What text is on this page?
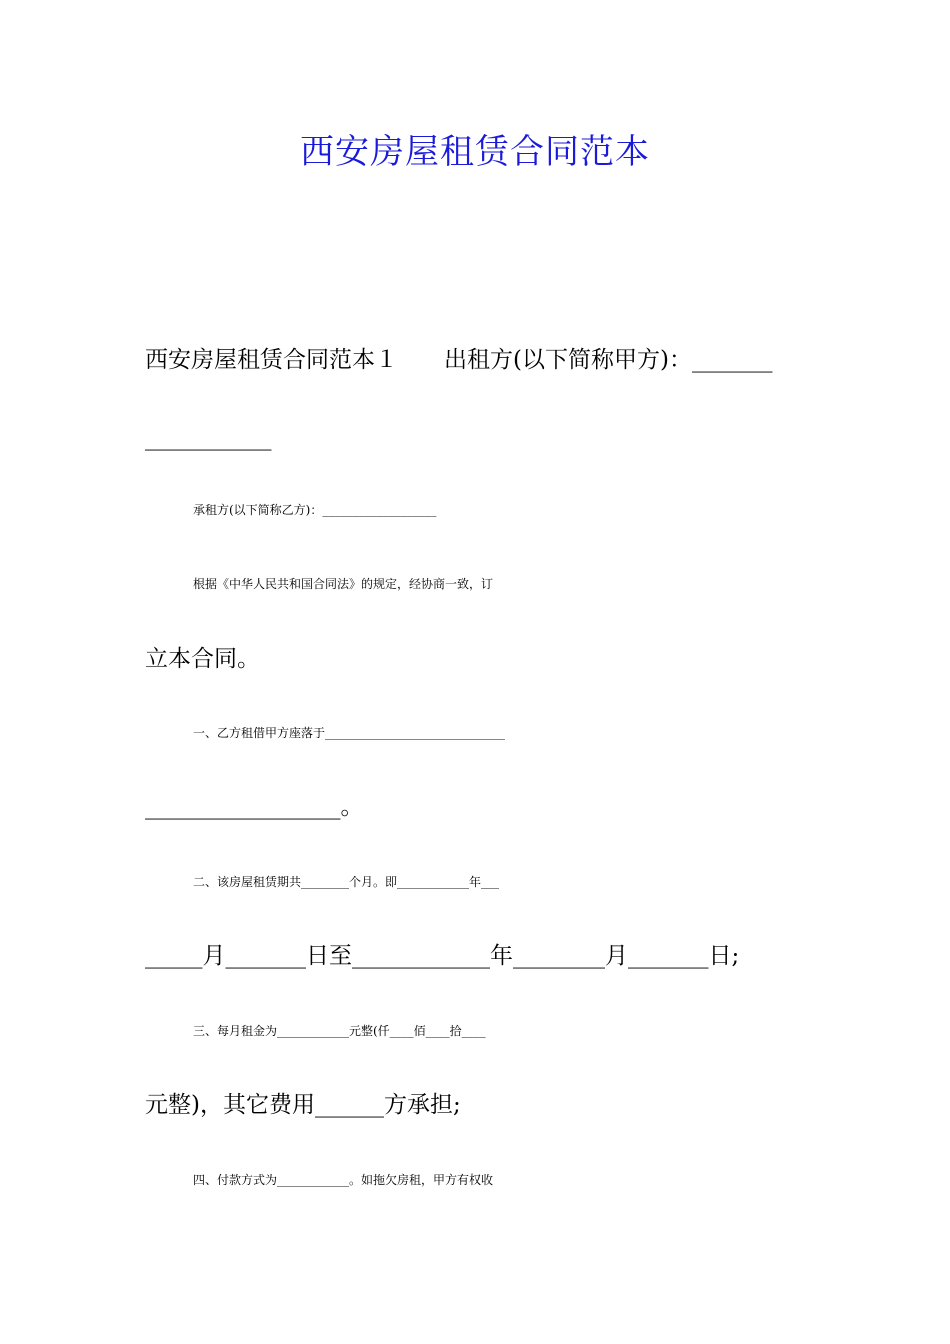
西安房屋租赁合同范本
西安房屋租赁合同范本１　　出租方(以下简称甲方)：_______
___________
承租方(以下简称乙方)：___________________
根据《中华人民共和国合同法》的规定，经协商一致，订
立本合同。
一、乙方租借甲方座落于______________________________
_________________。
二、该房屋租赁期共________个月。即____________年___
_____月_______日至____________年________月_______日;
三、每月租金为____________元整(仟____佰____拾____
元整)，其它费用______方承担;
四、付款方式为____________。如拖欠房租，甲方有权收
